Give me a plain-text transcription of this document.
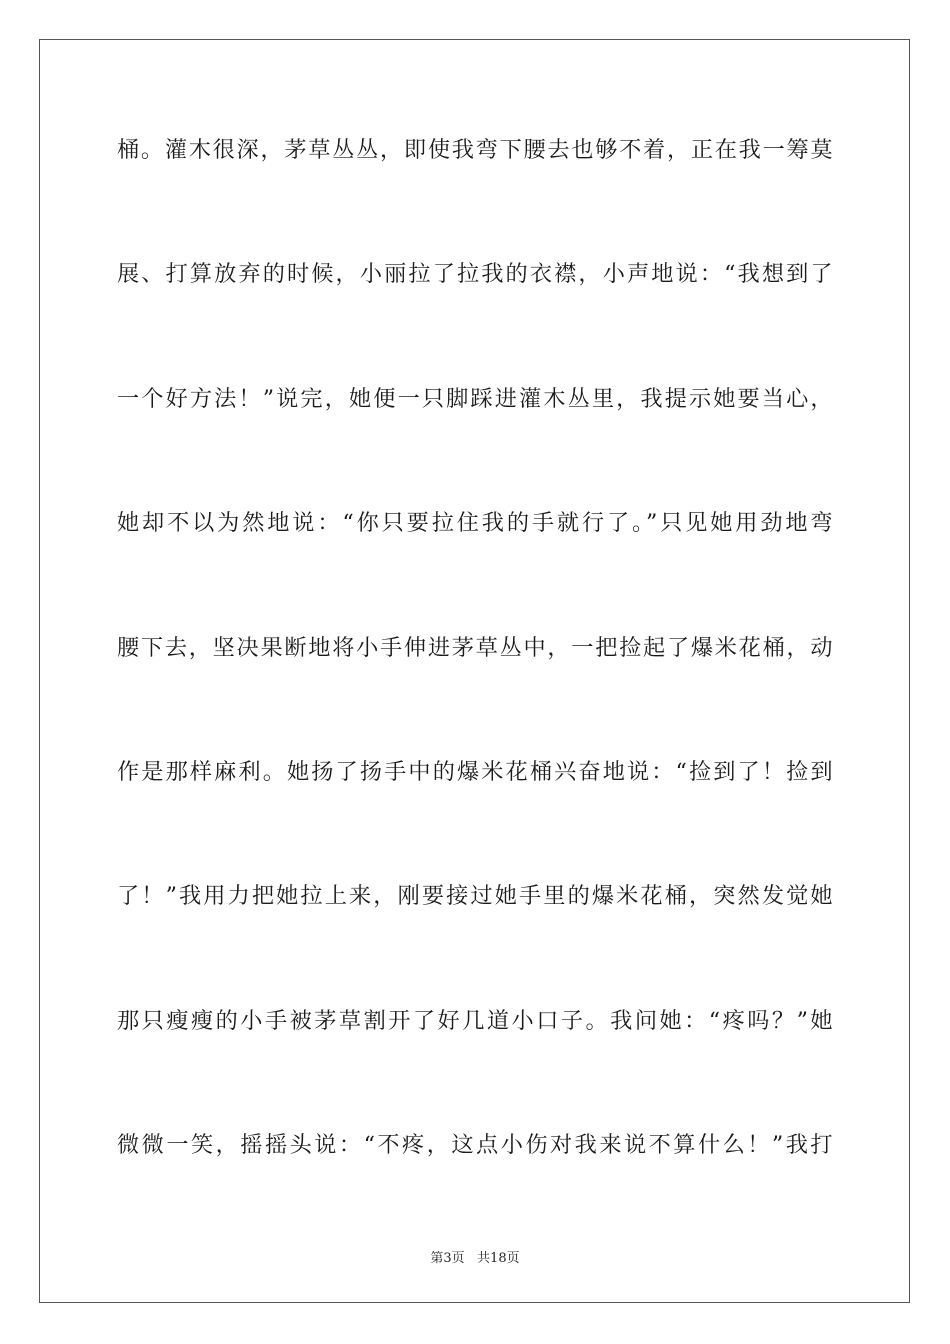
桶。灌木很深，茅草丛丛，即使我弯下腰去也够不着，正在我一筹莫
展、打算放弃的时候，小丽拉了拉我的衣襟，小声地说：“我想到了
一个好方法！”说完，她便一只脚踩进灌木丛里，我提示她要当心，
她却不以为然地说：“你只要拉住我的手就行了。”只见她用劲地弯
腰下去，坚决果断地将小手伸进茅草丛中，一把捡起了爆米花桶，动
作是那样麻利。她扬了扬手中的爆米花桶兴奋地说：“捡到了！捡到
了！”我用力把她拉上来，刚要接过她手里的爆米花桶，突然发觉她
那只瘦瘦的小手被茅草割开了好几道小口子。我问她：“疼吗？”她
微微一笑，摇摇头说：“不疼，这点小伤对我来说不算什么！”我打
第3页   共18页
